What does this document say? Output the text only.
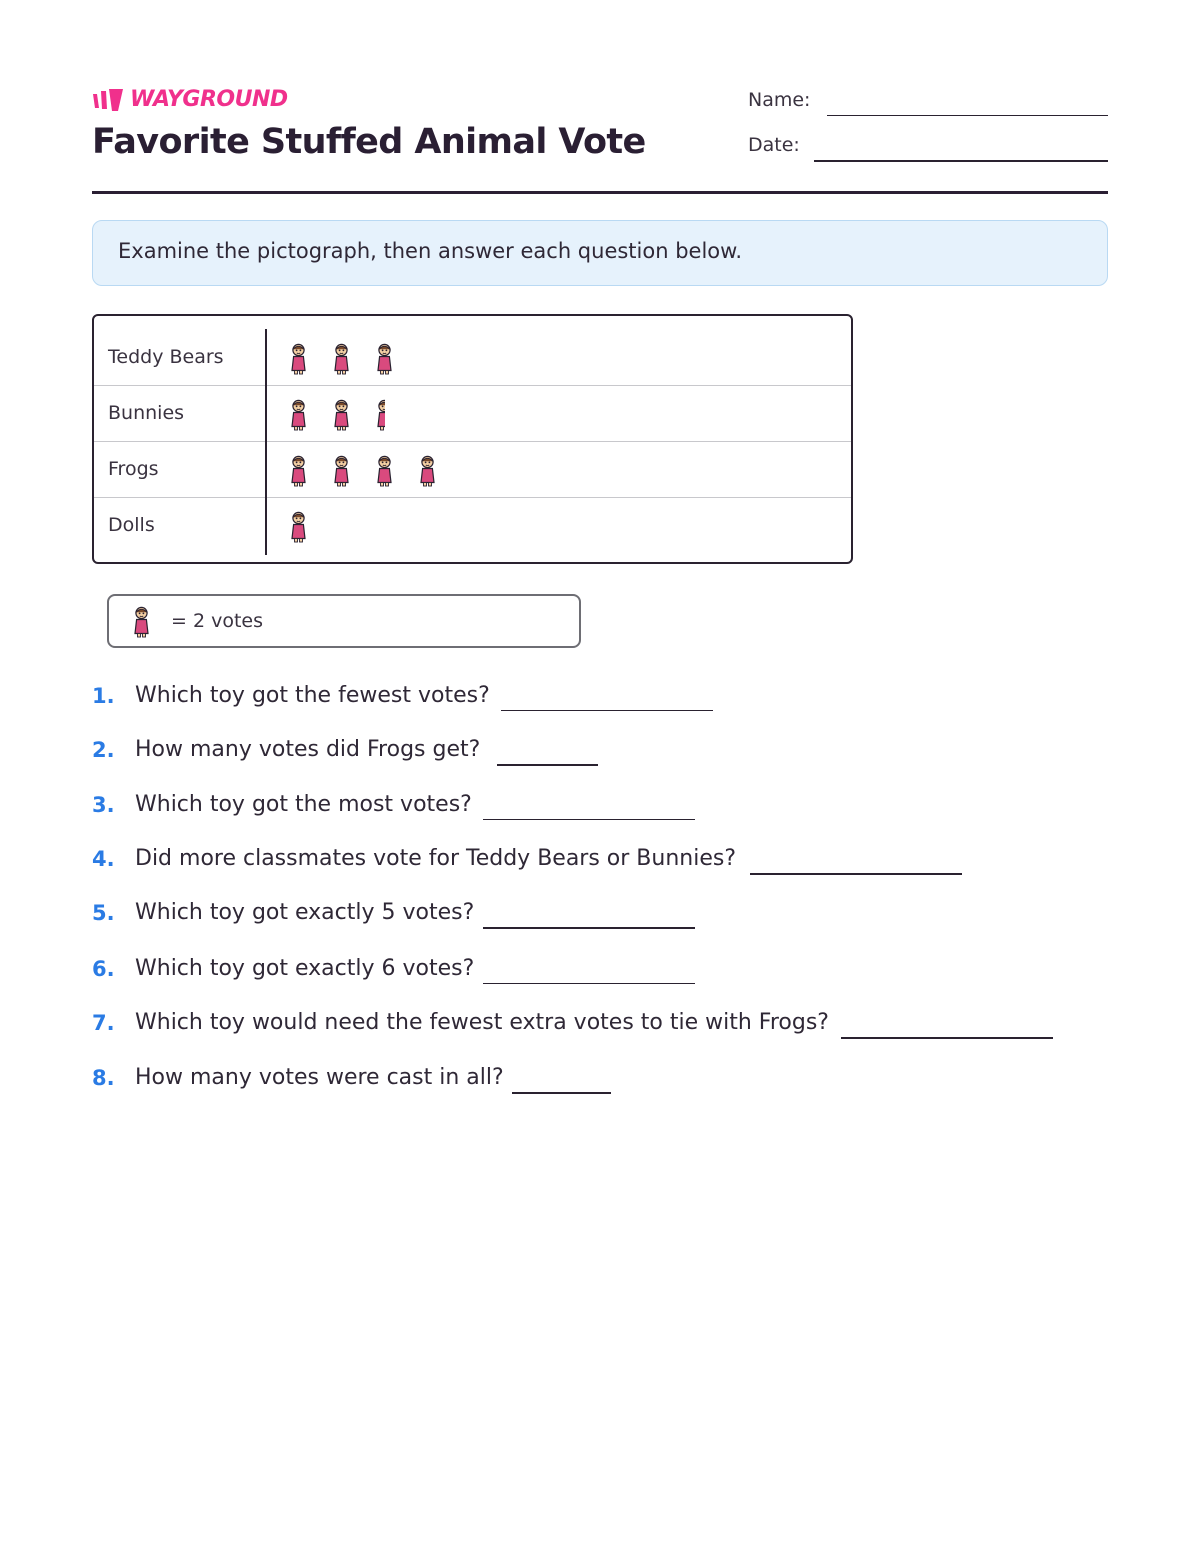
WAYGROUND
Favorite Stuffed Animal Vote
Name:
Date:
Examine the pictograph, then answer each question below.
Teddy Bears
Bunnies
Frogs
Dolls
= 2 votes
1. Which toy got the fewest votes?
2. How many votes did Frogs get?
3. Which toy got the most votes?
4. Did more classmates vote for Teddy Bears or Bunnies?
5. Which toy got exactly 5 votes?
6. Which toy got exactly 6 votes?
7. Which toy would need the fewest extra votes to tie with Frogs?
8. How many votes were cast in all?
